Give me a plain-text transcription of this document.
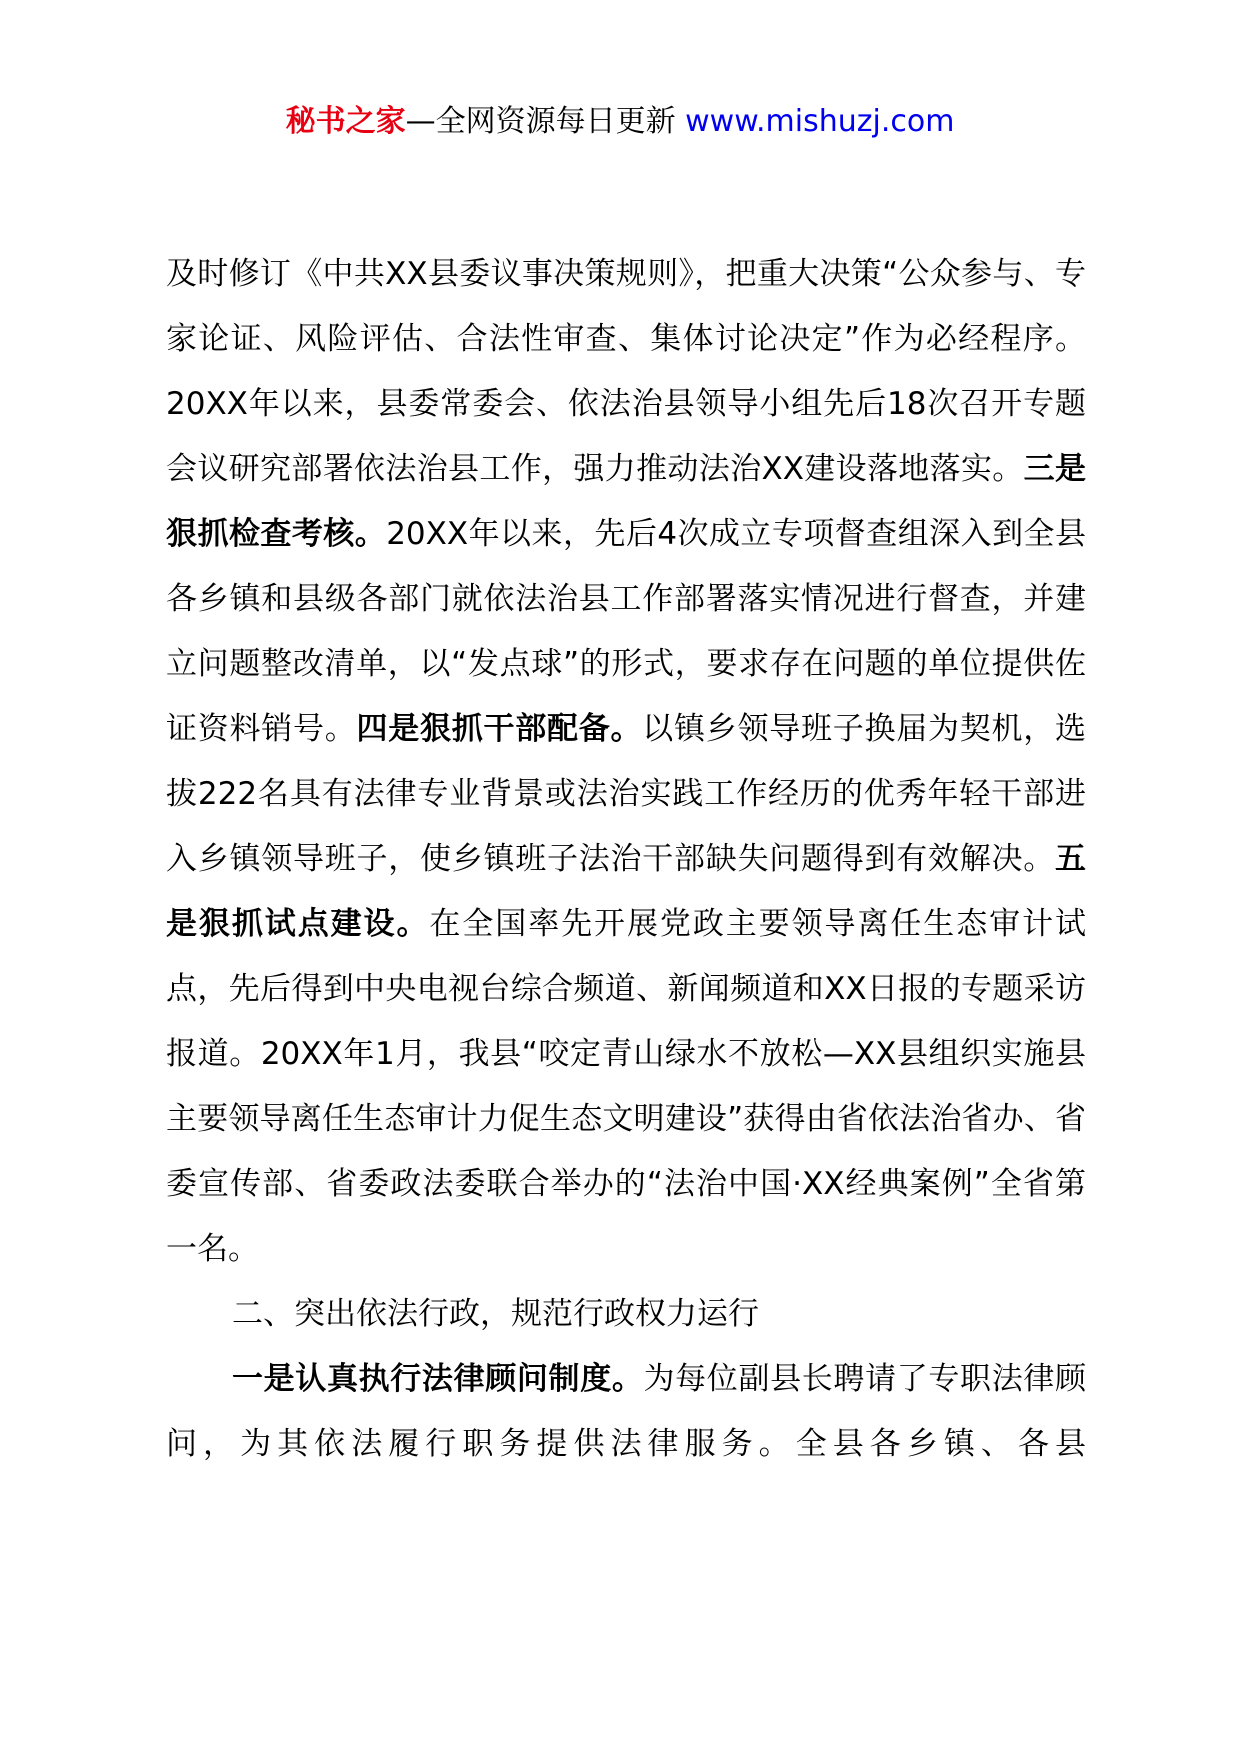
秘书之家—全网资源每日更新 www.mishuzj.com

及时修订《中共XX县委议事决策规则》，把重大决策“公众参与、专家论证、风险评估、合法性审查、集体讨论决定”作为必经程序。20XX年以来，县委常委会、依法治县领导小组先后18次召开专题会议研究部署依法治县工作，强力推动法治XX建设落地落实。三是狠抓检查考核。20XX年以来，先后4次成立专项督查组深入到全县各乡镇和县级各部门就依法治县工作部署落实情况进行督查，并建立问题整改清单，以“发点球”的形式，要求存在问题的单位提供佐证资料销号。四是狠抓干部配备。以镇乡领导班子换届为契机，选拔222名具有法律专业背景或法治实践工作经历的优秀年轻干部进入乡镇领导班子，使乡镇班子法治干部缺失问题得到有效解决。五是狠抓试点建设。在全国率先开展党政主要领导离任生态审计试点，先后得到中央电视台综合频道、新闻频道和XX日报的专题采访报道。20XX年1月，我县“咬定青山绿水不放松—XX县组织实施县主要领导离任生态审计力促生态文明建设”获得由省依法治省办、省委宣传部、省委政法委联合举办的“法治中国·XX经典案例”全省第一名。

二、突出依法行政，规范行政权力运行

一是认真执行法律顾问制度。为每位副县长聘请了专职法律顾问，为其依法履行职务提供法律服务。全县各乡镇、各县
